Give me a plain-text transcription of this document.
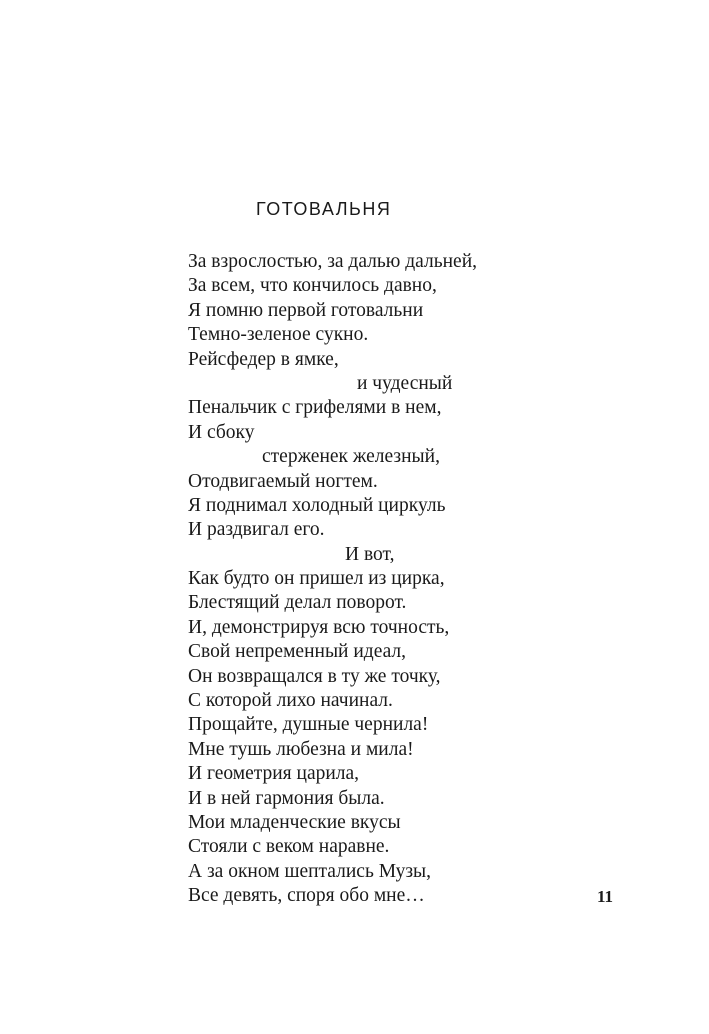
ГОТОВАЛЬНЯ
За взрослостью, за далью дальней,
За всем, что кончилось давно,
Я помню первой готовальни
Темно-зеленое сукно.
Рейсфедер в ямке,
и чудесный
Пенальчик с грифелями в нем,
И сбоку
стерженек железный,
Отодвигаемый ногтем.
Я поднимал холодный циркуль
И раздвигал его.
И вот,
Как будто он пришел из цирка,
Блестящий делал поворот.
И, демонстрируя всю точность,
Свой непременный идеал,
Он возвращался в ту же точку,
С которой лихо начинал.
Прощайте, душные чернила!
Мне тушь любезна и мила!
И геометрия царила,
И в ней гармония была.
Мои младенческие вкусы
Стояли с веком наравне.
А за окном шептались Музы,
Все девять, споря обо мне…	11
